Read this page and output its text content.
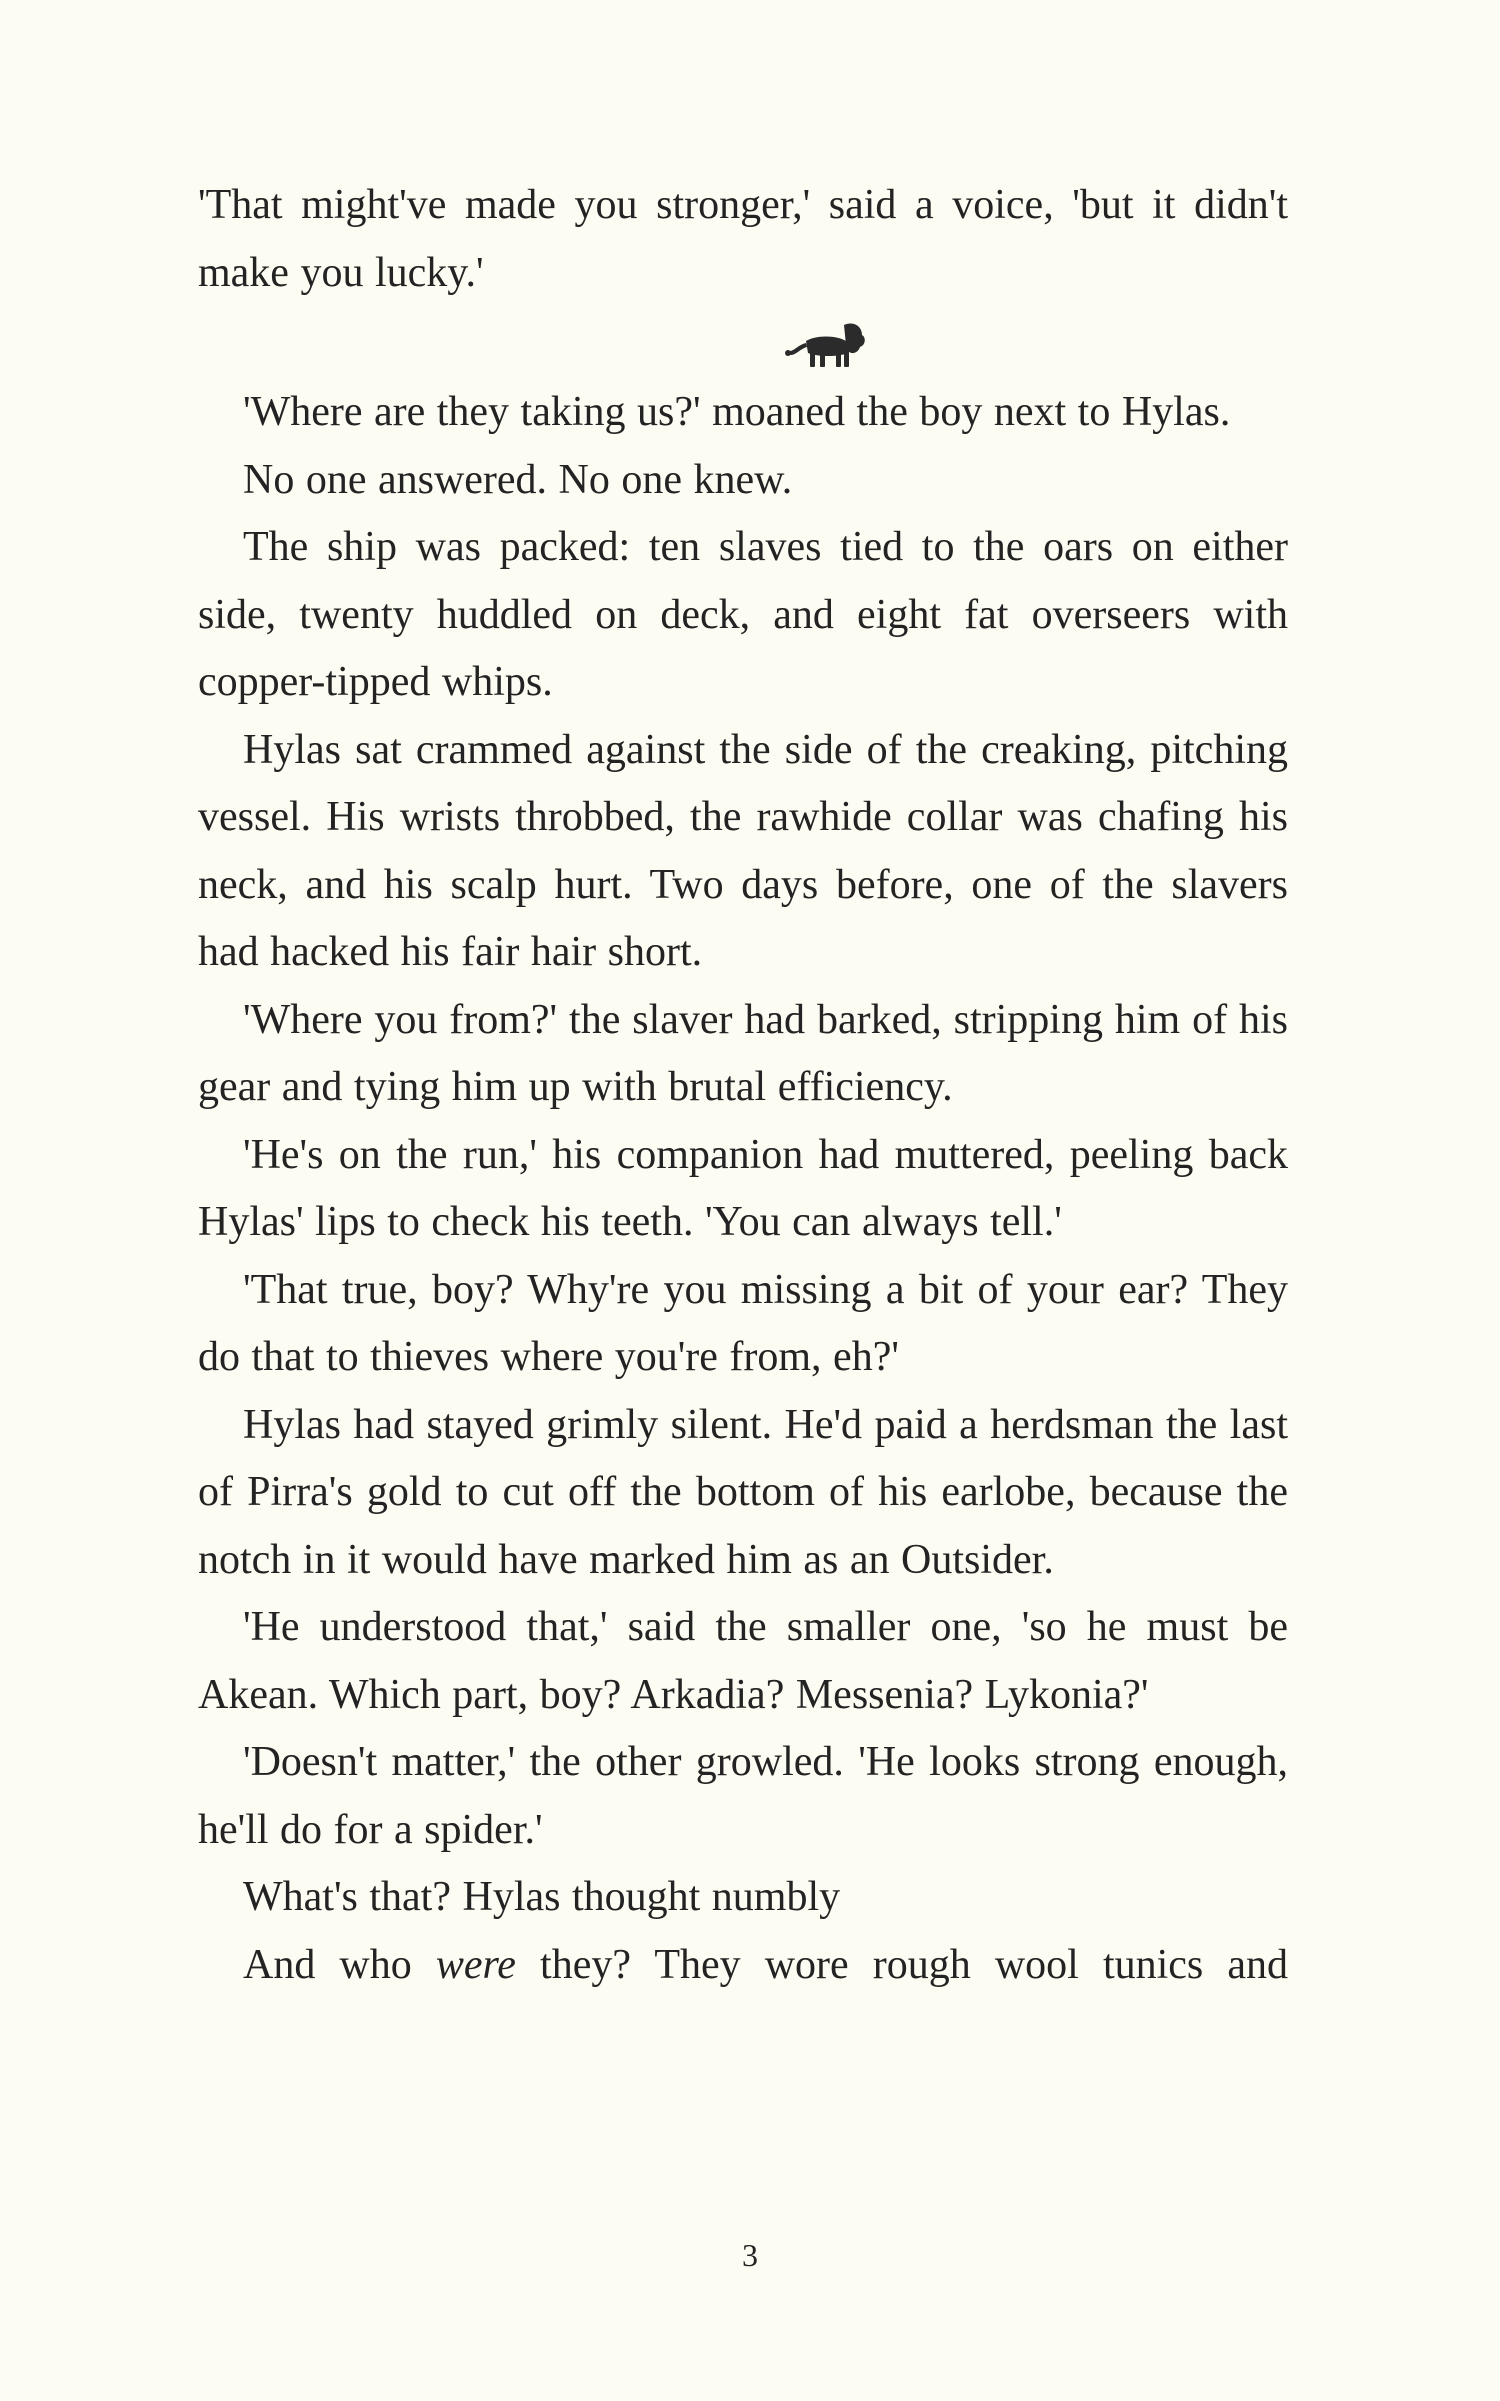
'That might've made you stronger,' said a voice, 'but it didn't make you lucky.'

'Where are they taking us?' moaned the boy next to Hylas.

No one answered. No one knew.

The ship was packed: ten slaves tied to the oars on either side, twenty huddled on deck, and eight fat overseers with copper-tipped whips.

Hylas sat crammed against the side of the creaking, pitching vessel. His wrists throbbed, the rawhide collar was chafing his neck, and his scalp hurt. Two days before, one of the slavers had hacked his fair hair short.

'Where you from?' the slaver had barked, stripping him of his gear and tying him up with brutal efficiency.

'He's on the run,' his companion had muttered, peeling back Hylas' lips to check his teeth. 'You can always tell.'

'That true, boy? Why're you missing a bit of your ear? They do that to thieves where you're from, eh?'

Hylas had stayed grimly silent. He'd paid a herdsman the last of Pirra's gold to cut off the bottom of his earlobe, because the notch in it would have marked him as an Outsider.

'He understood that,' said the smaller one, 'so he must be Akean. Which part, boy? Arkadia? Messenia? Lykonia?'

'Doesn't matter,' the other growled. 'He looks strong enough, he'll do for a spider.'

What's that? Hylas thought numbly

And who were they? They wore rough wool tunics and

3
